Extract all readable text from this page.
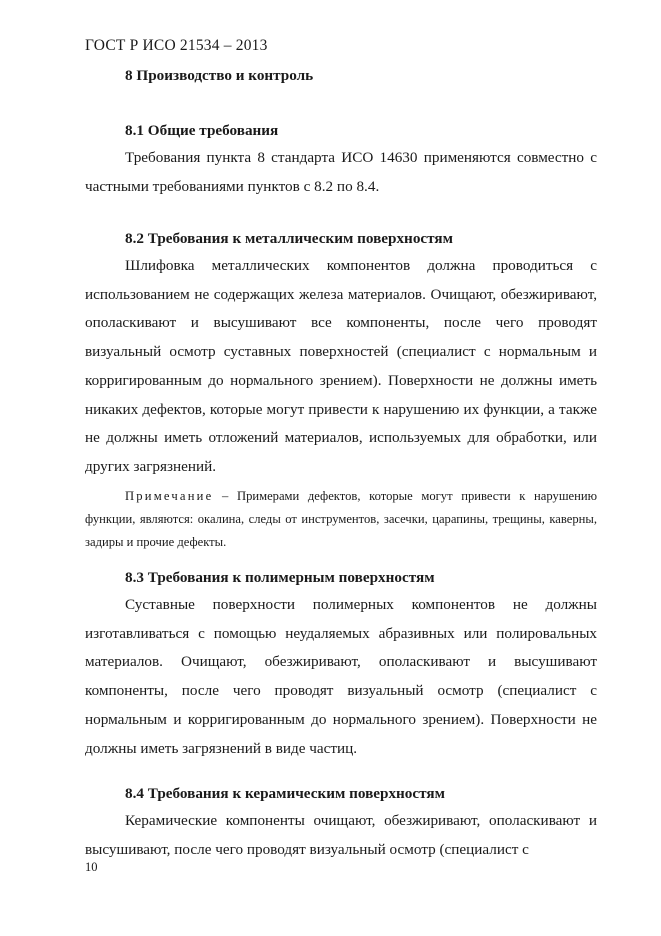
ГОСТ Р ИСО 21534 – 2013

8 Производство и контроль

8.1 Общие требования

Требования пункта 8 стандарта ИСО 14630 применяются совместно с частными требованиями пунктов с 8.2 по 8.4.

8.2 Требования к металлическим поверхностям

Шлифовка металлических компонентов должна проводиться с использованием не содержащих железа материалов. Очищают, обезжиривают, ополаскивают и высушивают все компоненты, после чего проводят визуальный осмотр суставных поверхностей (специалист с нормальным и корригированным до нормального зрением). Поверхности не должны иметь никаких дефектов, которые могут привести к нарушению их функции, а также не должны иметь отложений материалов, используемых для обработки, или других загрязнений.

Примечание – Примерами дефектов, которые могут привести к нарушению функции, являются: окалина, следы от инструментов, засечки, царапины, трещины, каверны, задиры и прочие дефекты.

8.3 Требования к полимерным поверхностям

Суставные поверхности полимерных компонентов не должны изготавливаться с помощью неудаляемых абразивных или полировальных материалов. Очищают, обезжиривают, ополаскивают и высушивают компоненты, после чего проводят визуальный осмотр (специалист с нормальным и корригированным до нормального зрением). Поверхности не должны иметь загрязнений в виде частиц.

8.4 Требования к керамическим поверхностям

Керамические компоненты очищают, обезжиривают, ополаскивают и высушивают, после чего проводят визуальный осмотр (специалист с

10
